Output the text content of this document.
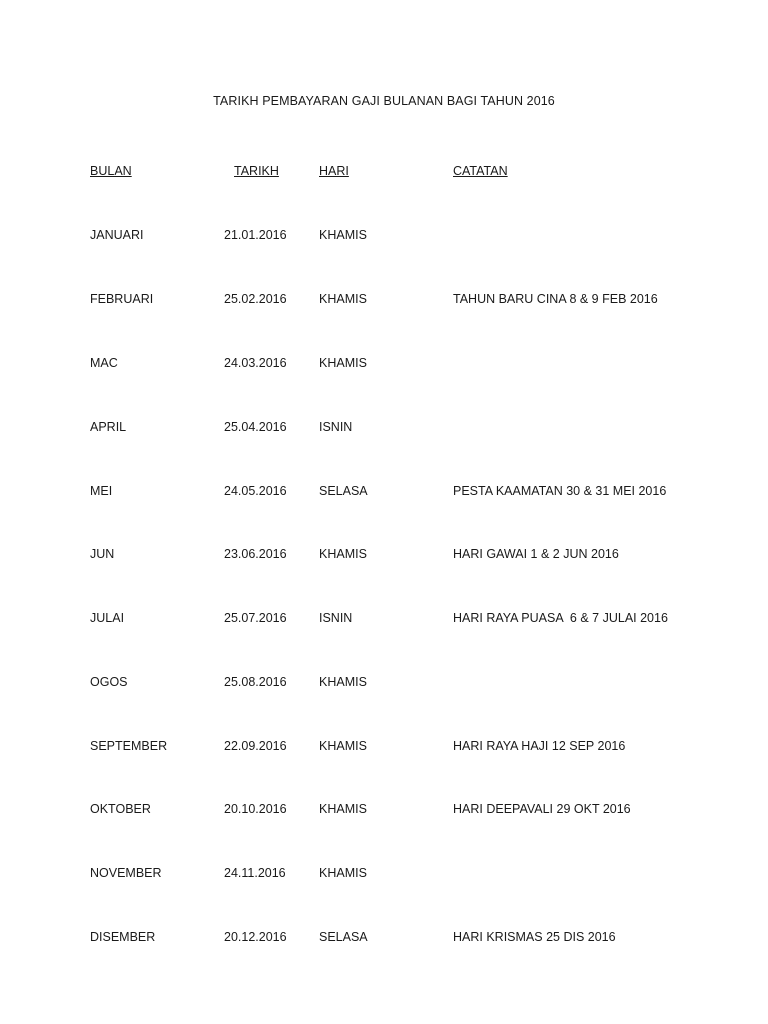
TARIKH PEMBAYARAN GAJI BULANAN BAGI TAHUN 2016
BULAN	TARIKH	HARI	CATATAN
JANUARI	21.01.2016	KHAMIS
FEBRUARI	25.02.2016	KHAMIS	TAHUN BARU CINA 8 & 9 FEB 2016
MAC	24.03.2016	KHAMIS
APRIL	25.04.2016	ISNIN
MEI	24.05.2016	SELASA	PESTA KAAMATAN 30 & 31 MEI 2016
JUN	23.06.2016	KHAMIS	HARI GAWAI 1 & 2 JUN 2016
JULAI	25.07.2016	ISNIN	HARI RAYA PUASA  6 & 7 JULAI 2016
OGOS	25.08.2016	KHAMIS
SEPTEMBER	22.09.2016	KHAMIS	HARI RAYA HAJI 12 SEP 2016
OKTOBER	20.10.2016	KHAMIS	HARI DEEPAVALI 29 OKT 2016
NOVEMBER	24.11.2016	KHAMIS
DISEMBER	20.12.2016	SELASA	HARI KRISMAS 25 DIS 2016
